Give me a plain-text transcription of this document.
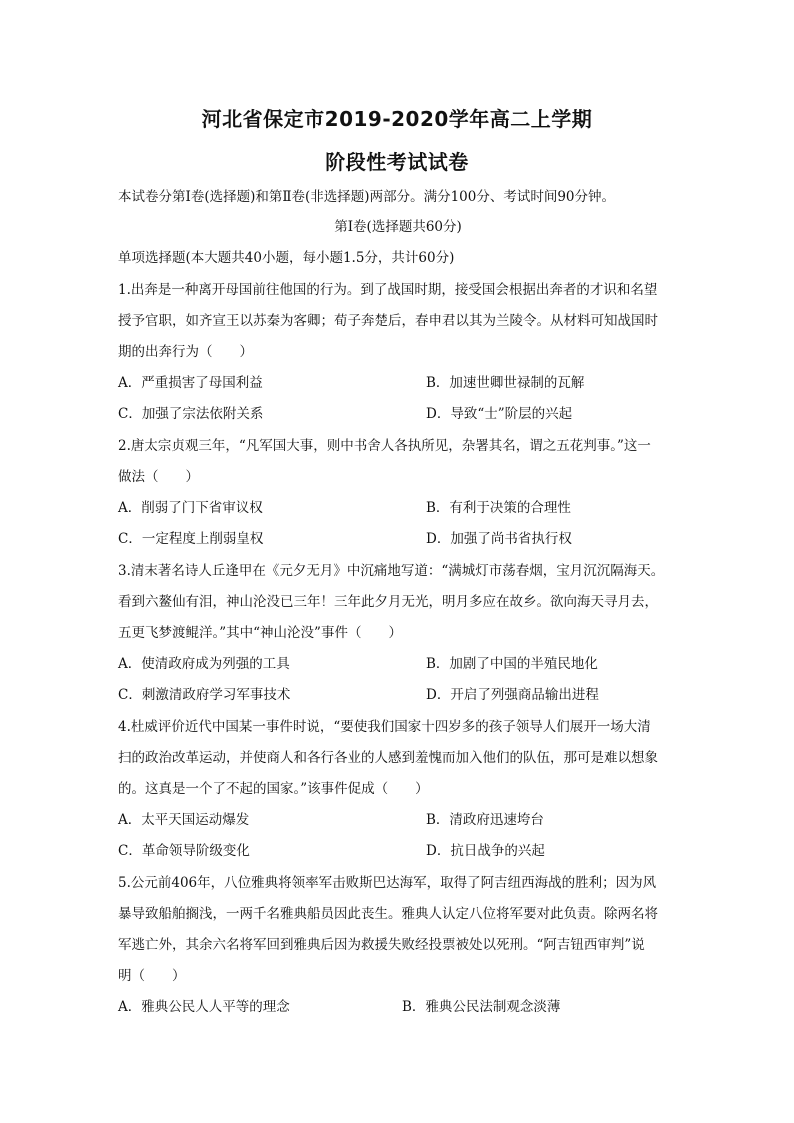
河北省保定市2019-2020学年高二上学期
阶段性考试试卷

本试卷分第Ⅰ卷(选择题)和第Ⅱ卷(非选择题)两部分。满分100分、考试时间90分钟。

第Ⅰ卷(选择题共60分)

单项选择题(本大题共40小题，每小题1.5分，共计60分)

1.出奔是一种离开母国前往他国的行为。到了战国时期，接受国会根据出奔者的才识和名望

授予官职，如齐宣王以苏秦为客卿；荀子奔楚后，春申君以其为兰陵令。从材料可知战国时

期的出奔行为（　　）

A．严重损害了母国利益	B．加速世卿世禄制的瓦解

C．加强了宗法依附关系	D．导致“士”阶层的兴起

2.唐太宗贞观三年，“凡军国大事，则中书舍人各执所见，杂署其名，谓之五花判事。”这一

做法（　　）

A．削弱了门下省审议权	B．有利于决策的合理性

C．一定程度上削弱皇权	D．加强了尚书省执行权

3.清末著名诗人丘逢甲在《元夕无月》中沉痛地写道：“满城灯市荡春烟，宝月沉沉隔海天。

看到六鳌仙有泪，神山沦没已三年！三年此夕月无光，明月多应在故乡。欲向海天寻月去，

五更飞梦渡鲲洋。”其中“神山沦没”事件（　　）

A．使清政府成为列强的工具	B．加剧了中国的半殖民地化

C．刺激清政府学习军事技术	D．开启了列强商品输出进程

4.杜威评价近代中国某一事件时说，“要使我们国家十四岁多的孩子领导人们展开一场大清

扫的政治改革运动，并使商人和各行各业的人感到羞愧而加入他们的队伍，那可是难以想象

的。这真是一个了不起的国家。”该事件促成（　　）

A．太平天国运动爆发	B．清政府迅速垮台

C．革命领导阶级变化	D．抗日战争的兴起

5.公元前406年，八位雅典将领率军击败斯巴达海军，取得了阿吉纽西海战的胜利；因为风

暴导致船舶搁浅，一两千名雅典船员因此丧生。雅典人认定八位将军要对此负责。除两名将

军逃亡外，其余六名将军回到雅典后因为救援失败经投票被处以死刑。“阿吉钮西审判”说

明（　　）

A．雅典公民人人平等的理念	B．雅典公民法制观念淡薄
